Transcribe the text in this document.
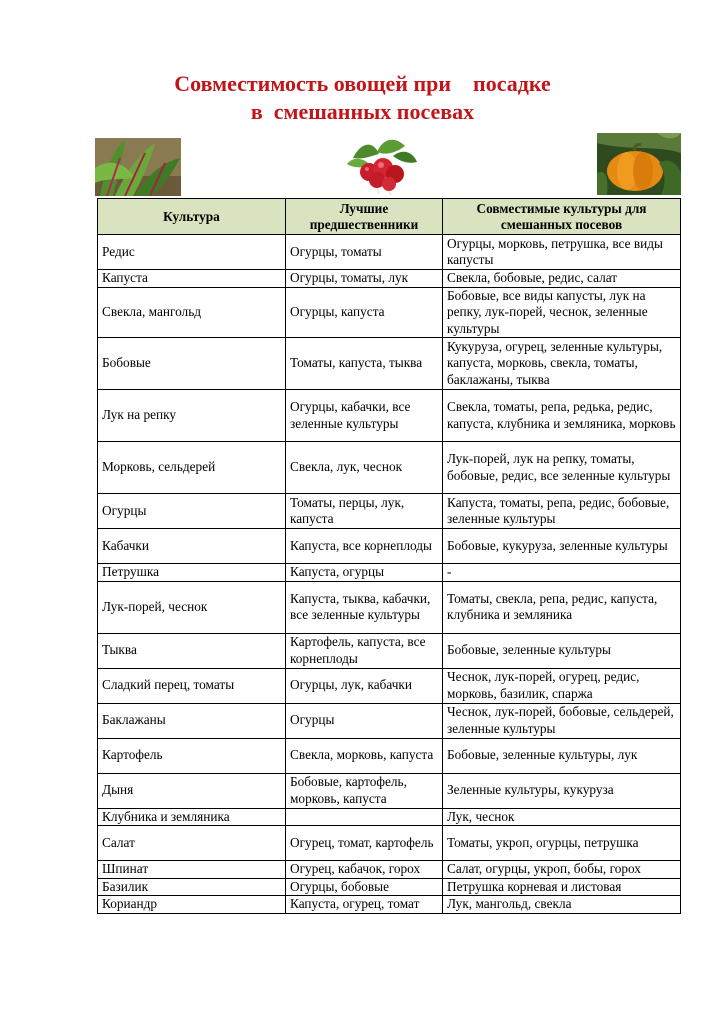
Совместимость овощей при    посадке
в  смешанных посевах
Культура	Лучшие предшественники	Совместимые культуры для смешанных посевов
Редис	Огурцы, томаты	Огурцы, морковь, петрушка, все виды капусты
Капуста	Огурцы, томаты, лук	Свекла, бобовые, редис, салат
Свекла, мангольд	Огурцы, капуста	Бобовые, все виды капусты, лук на репку, лук-порей, чеснок, зеленные культуры
Бобовые	Томаты, капуста, тыква	Кукуруза, огурец, зеленные культуры, капуста, морковь, свекла, томаты, баклажаны, тыква
Лук на репку	Огурцы, кабачки, все зеленные культуры	Свекла, томаты, репа, редька, редис, капуста, клубника и земляника, морковь
Морковь, сельдерей	Свекла, лук, чеснок	Лук-порей, лук на репку, томаты, бобовые, редис, все зеленные культуры
Огурцы	Томаты, перцы, лук, капуста	Капуста, томаты, репа, редис, бобовые, зеленные культуры
Кабачки	Капуста, все корнеплоды	Бобовые, кукуруза, зеленные культуры
Петрушка	Капуста, огурцы	-
Лук-порей, чеснок	Капуста, тыква, кабачки, все зеленные культуры	Томаты, свекла, репа, редис, капуста, клубника и земляника
Тыква	Картофель, капуста, все корнеплоды	Бобовые, зеленные культуры
Сладкий перец, томаты	Огурцы, лук, кабачки	Чеснок, лук-порей, огурец, редис, морковь, базилик, спаржа
Баклажаны	Огурцы	Чеснок, лук-порей, бобовые, сельдерей, зеленные культуры
Картофель	Свекла, морковь, капуста	Бобовые, зеленные культуры, лук
Дыня	Бобовые, картофель, морковь, капуста	Зеленные культуры, кукуруза
Клубника и земляника		Лук, чеснок
Салат	Огурец, томат, картофель	Томаты, укроп, огурцы, петрушка
Шпинат	Огурец, кабачок, горох	Салат, огурцы, укроп, бобы, горох
Базилик	Огурцы, бобовые	Петрушка корневая и листовая
Кориандр	Капуста, огурец, томат	Лук, мангольд, свекла
